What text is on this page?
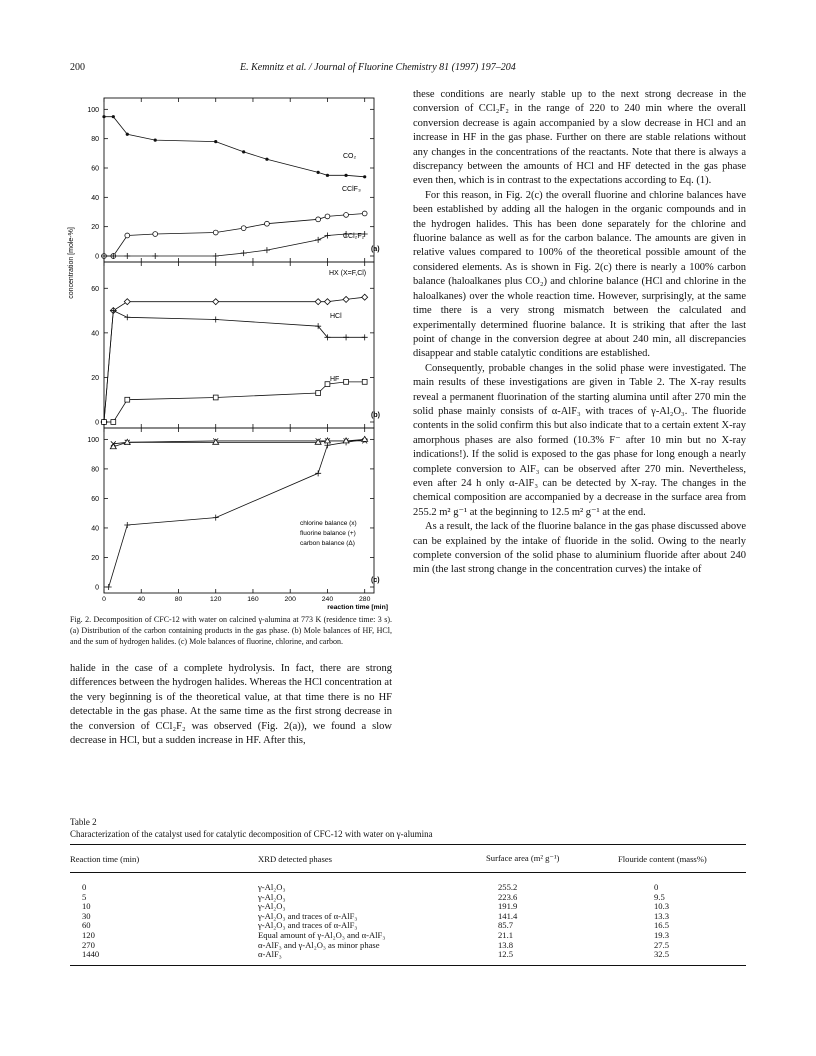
200	E. Kemnitz et al. / Journal of Fluorine Chemistry 81 (1997) 197–204
concentration [mole-%]
reaction time [min]
(a)
(b)
(c)
CO₂
CClF₃
CCl₂F₂
HX (X=F,Cl)
HCl
HF
chlorine balance (x)
fluorine balance (+)
carbon balance (Δ)
0
20
40
60
80
100
0
20
40
60
0
20
40
60
80
100
0	40	80	120	160	200	240	280
Fig. 2. Decomposition of CFC-12 with water on calcined γ-alumina at 773 K (residence time: 3 s). (a) Distribution of the carbon containing products in the gas phase. (b) Mole balances of HF, HCl, and the sum of hydrogen halides. (c) Mole balances of fluorine, chlorine, and carbon.

halide in the case of a complete hydrolysis. In fact, there are strong differences between the hydrogen halides. Whereas the HCl concentration at the very beginning is of the theoretical value, at that time there is no HF detectable in the gas phase. At the same time as the first strong decrease in the conversion of CCl₂F₂ was observed (Fig. 2(a)), we found a slow decrease in HCl, but a sudden increase in HF. After this,

these conditions are nearly stable up to the next strong decrease in the conversion of CCl₂F₂ in the range of 220 to 240 min where the overall conversion decrease is again accompanied by a slow decrease in HCl and an increase in HF in the gas phase. Further on there are stable relations without any changes in the concentrations of the reactants. Note that there is always a discrepancy between the amounts of HCl and HF detected in the gas phase even then, which is in contrast to the expectations according to Eq. (1).

For this reason, in Fig. 2(c) the overall fluorine and chlorine balances have been established by adding all the halogen in the organic compounds and in the hydrogen halides. This has been done separately for the chlorine and fluorine balance as well as for the carbon balance. The amounts are given in relative values compared to 100% of the theoretical possible amount of the considered elements. As is shown in Fig. 2(c) there is nearly a 100% carbon balance (haloalkanes plus CO₂) and chlorine balance (HCl and chlorine in the haloalkanes) over the whole reaction time. However, surprisingly, at the same time there is a very strong mismatch between the calculated and experimentally determined fluorine balance. It is striking that after the last point of change in the conversion degree at about 240 min, all discrepancies disappear and stable catalytic conditions are established.

Consequently, probable changes in the solid phase were investigated. The main results of these investigations are given in Table 2. The X-ray results reveal a permanent fluorination of the starting alumina until after 270 min the solid phase mainly consists of α-AlF₃ with traces of γ-Al₂O₃. The fluoride contents in the solid confirm this but also indicate that to a certain extent X-ray amorphous phases are also formed (10.3% F⁻ after 10 min but no X-ray indications!). If the solid is exposed to the gas phase for long enough a nearly complete conversion to AlF₃ can be observed after 270 min. Nevertheless, even after 24 h only α-AlF₃ can be detected by X-ray. The changes in the chemical composition are accompanied by a decrease in the surface area from 255.2 m² g⁻¹ at the beginning to 12.5 m² g⁻¹ at the end.

As a result, the lack of the fluorine balance in the gas phase discussed above can be explained by the intake of fluoride in the solid. Owing to the nearly complete conversion of the solid phase to aluminium fluoride after about 240 min (the last strong change in the concentration curves) the intake of

Table 2
Characterization of the catalyst used for catalytic decomposition of CFC-12 with water on γ-alumina
Reaction time (min)	XRD detected phases	Surface area (m² g⁻¹)	Flouride content (mass%)
0	γ-Al₂O₃	255.2	0
5	γ-Al₂O₃	223.6	9.5
10	γ-Al₂O₃	191.9	10.3
30	γ-Al₂O₃ and traces of α-AlF₃	141.4	13.3
60	γ-Al₂O₃ and traces of α-AlF₃	85.7	16.5
120	Equal amount of γ-Al₂O₃ and α-AlF₃	21.1	19.3
270	α-AlF₃ and γ-Al₂O₃ as minor phase	13.8	27.5
1440	α-AlF₃	12.5	32.5
